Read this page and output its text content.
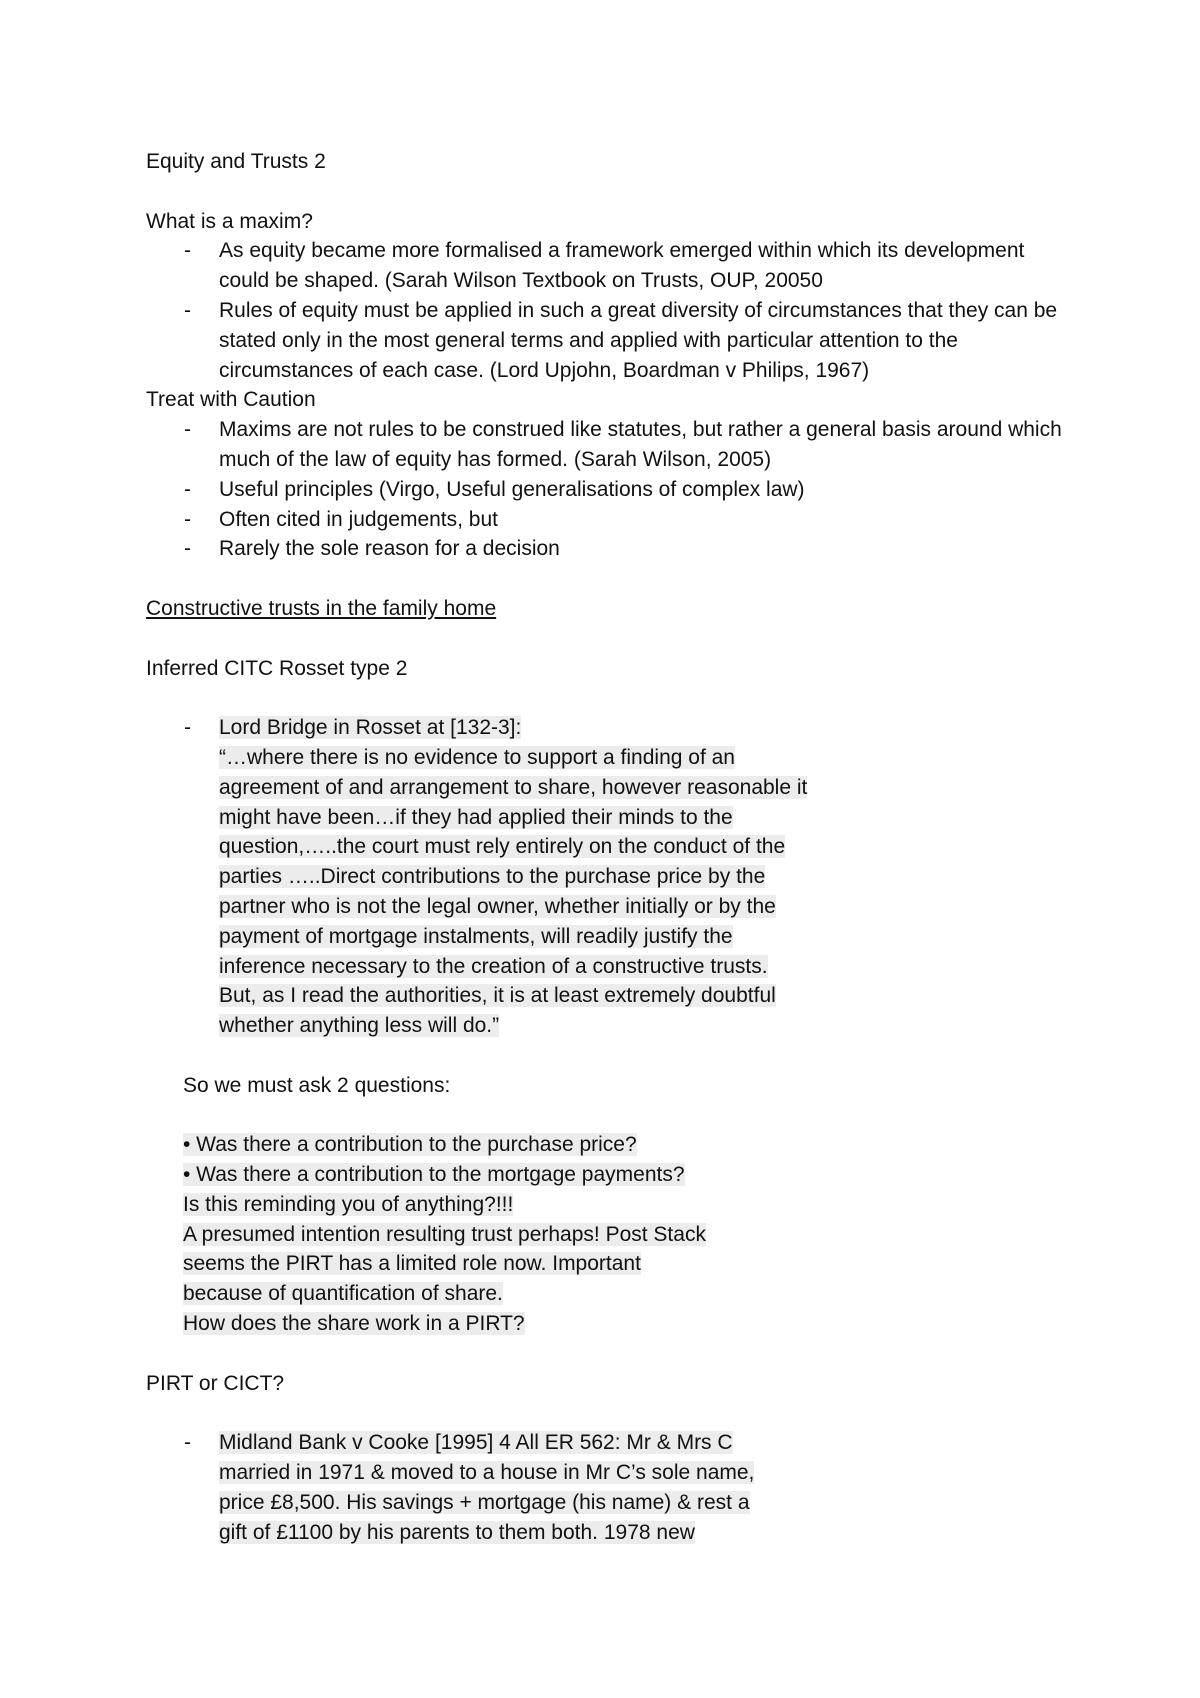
Equity and Trusts 2
What is a maxim?
- As equity became more formalised a framework emerged within which its development could be shaped. (Sarah Wilson Textbook on Trusts, OUP, 20050
- Rules of equity must be applied in such a great diversity of circumstances that they can be stated only in the most general terms and applied with particular attention to the circumstances of each case. (Lord Upjohn, Boardman v Philips, 1967)
Treat with Caution
- Maxims are not rules to be construed like statutes, but rather a general basis around which much of the law of equity has formed. (Sarah Wilson, 2005)
- Useful principles (Virgo, Useful generalisations of complex law)
- Often cited in judgements, but
- Rarely the sole reason for a decision
Constructive trusts in the family home
Inferred CITC Rosset type 2
- Lord Bridge in Rosset at [132-3]:
“…where there is no evidence to support a finding of an
agreement of and arrangement to share, however reasonable it
might have been…if they had applied their minds to the
question,…..the court must rely entirely on the conduct of the
parties …..Direct contributions to the purchase price by the
partner who is not the legal owner, whether initially or by the
payment of mortgage instalments, will readily justify the
inference necessary to the creation of a constructive trusts.
But, as I read the authorities, it is at least extremely doubtful
whether anything less will do.”
So we must ask 2 questions:
• Was there a contribution to the purchase price?
• Was there a contribution to the mortgage payments?
Is this reminding you of anything?!!!
A presumed intention resulting trust perhaps! Post Stack
seems the PIRT has a limited role now. Important
because of quantification of share.
How does the share work in a PIRT?
PIRT or CICT?
- Midland Bank v Cooke [1995] 4 All ER 562: Mr & Mrs C
married in 1971 & moved to a house in Mr C’s sole name,
price £8,500. His savings + mortgage (his name) & rest a
gift of £1100 by his parents to them both. 1978 new
